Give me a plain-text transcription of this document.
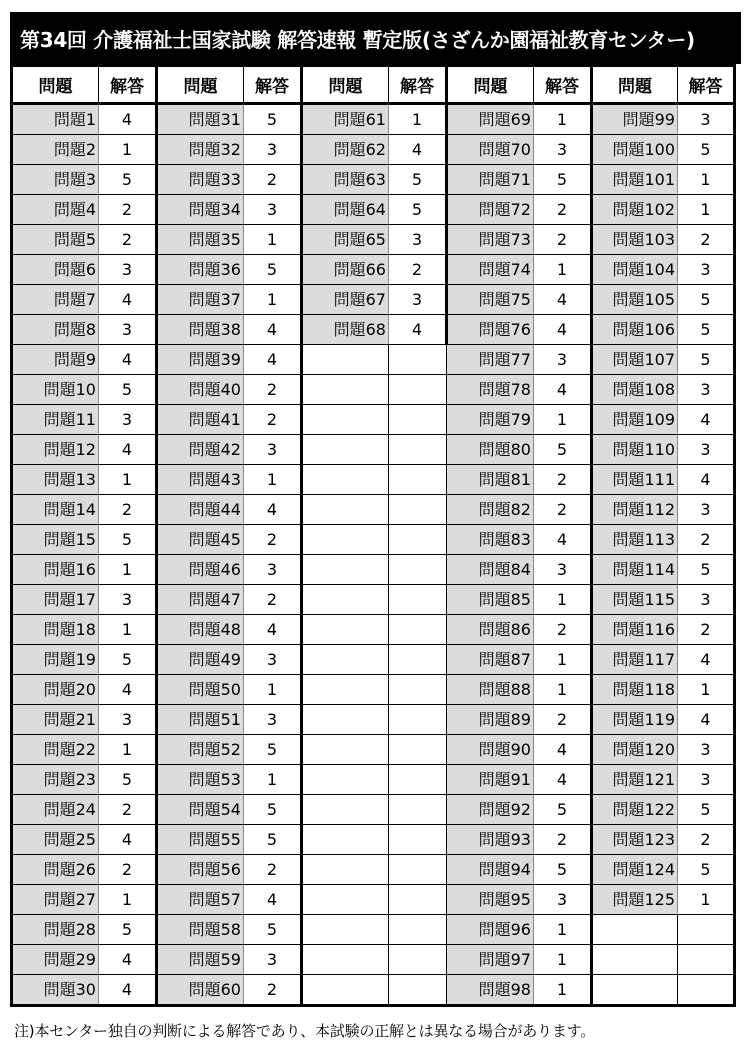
第34回 介護福祉士国家試験 解答速報 暫定版(さざんか園福祉教育センター)
問題	解答	問題	解答	問題	解答	問題	解答	問題	解答
問題1	4	問題31	5	問題61	1	問題69	1	問題99	3
問題2	1	問題32	3	問題62	4	問題70	3	問題100	5
問題3	5	問題33	2	問題63	5	問題71	5	問題101	1
問題4	2	問題34	3	問題64	5	問題72	2	問題102	1
問題5	2	問題35	1	問題65	3	問題73	2	問題103	2
問題6	3	問題36	5	問題66	2	問題74	1	問題104	3
問題7	4	問題37	1	問題67	3	問題75	4	問題105	5
問題8	3	問題38	4	問題68	4	問題76	4	問題106	5
問題9	4	問題39	4			問題77	3	問題107	5
問題10	5	問題40	2			問題78	4	問題108	3
問題11	3	問題41	2			問題79	1	問題109	4
問題12	4	問題42	3			問題80	5	問題110	3
問題13	1	問題43	1			問題81	2	問題111	4
問題14	2	問題44	4			問題82	2	問題112	3
問題15	5	問題45	2			問題83	4	問題113	2
問題16	1	問題46	3			問題84	3	問題114	5
問題17	3	問題47	2			問題85	1	問題115	3
問題18	1	問題48	4			問題86	2	問題116	2
問題19	5	問題49	3			問題87	1	問題117	4
問題20	4	問題50	1			問題88	1	問題118	1
問題21	3	問題51	3			問題89	2	問題119	4
問題22	1	問題52	5			問題90	4	問題120	3
問題23	5	問題53	1			問題91	4	問題121	3
問題24	2	問題54	5			問題92	5	問題122	5
問題25	4	問題55	5			問題93	2	問題123	2
問題26	2	問題56	2			問題94	5	問題124	5
問題27	1	問題57	4			問題95	3	問題125	1
問題28	5	問題58	5			問題96	1		
問題29	4	問題59	3			問題97	1		
問題30	4	問題60	2			問題98	1		
注)本センター独自の判断による解答であり、本試験の正解とは異なる場合があります。
